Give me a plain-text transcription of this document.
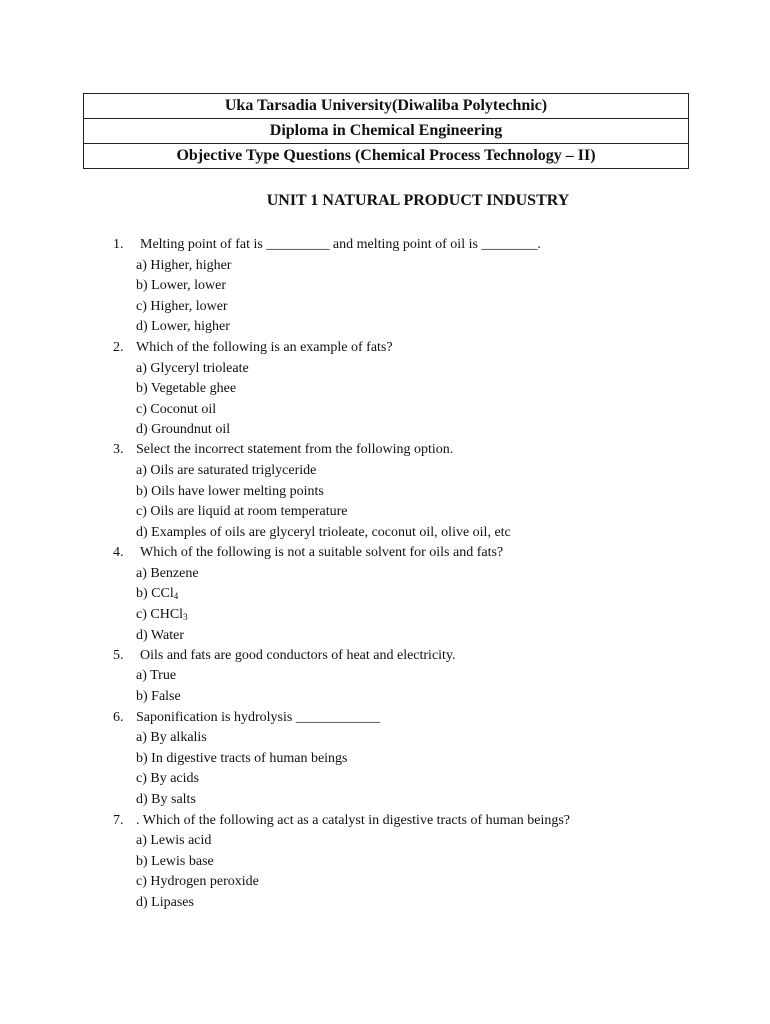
Uka Tarsadia University(Diwaliba Polytechnic)
Diploma in Chemical Engineering
Objective Type Questions (Chemical Process Technology – II)
UNIT 1 NATURAL PRODUCT INDUSTRY
1. Melting point of fat is _________ and melting point of oil is ________.
a) Higher, higher
b) Lower, lower
c) Higher, lower
d) Lower, higher
2. Which of the following is an example of fats?
a) Glyceryl trioleate
b) Vegetable ghee
c) Coconut oil
d) Groundnut oil
3. Select the incorrect statement from the following option.
a) Oils are saturated triglyceride
b) Oils have lower melting points
c) Oils are liquid at room temperature
d) Examples of oils are glyceryl trioleate, coconut oil, olive oil, etc
4. Which of the following is not a suitable solvent for oils and fats?
a) Benzene
b) CCl$_4$
c) CHCl$_3$
d) Water
5. Oils and fats are good conductors of heat and electricity.
a) True
b) False
6. Saponification is hydrolysis ____________
a) By alkalis
b) In digestive tracts of human beings
c) By acids
d) By salts
7. . Which of the following act as a catalyst in digestive tracts of human beings?
a) Lewis acid
b) Lewis base
c) Hydrogen peroxide
d) Lipases
